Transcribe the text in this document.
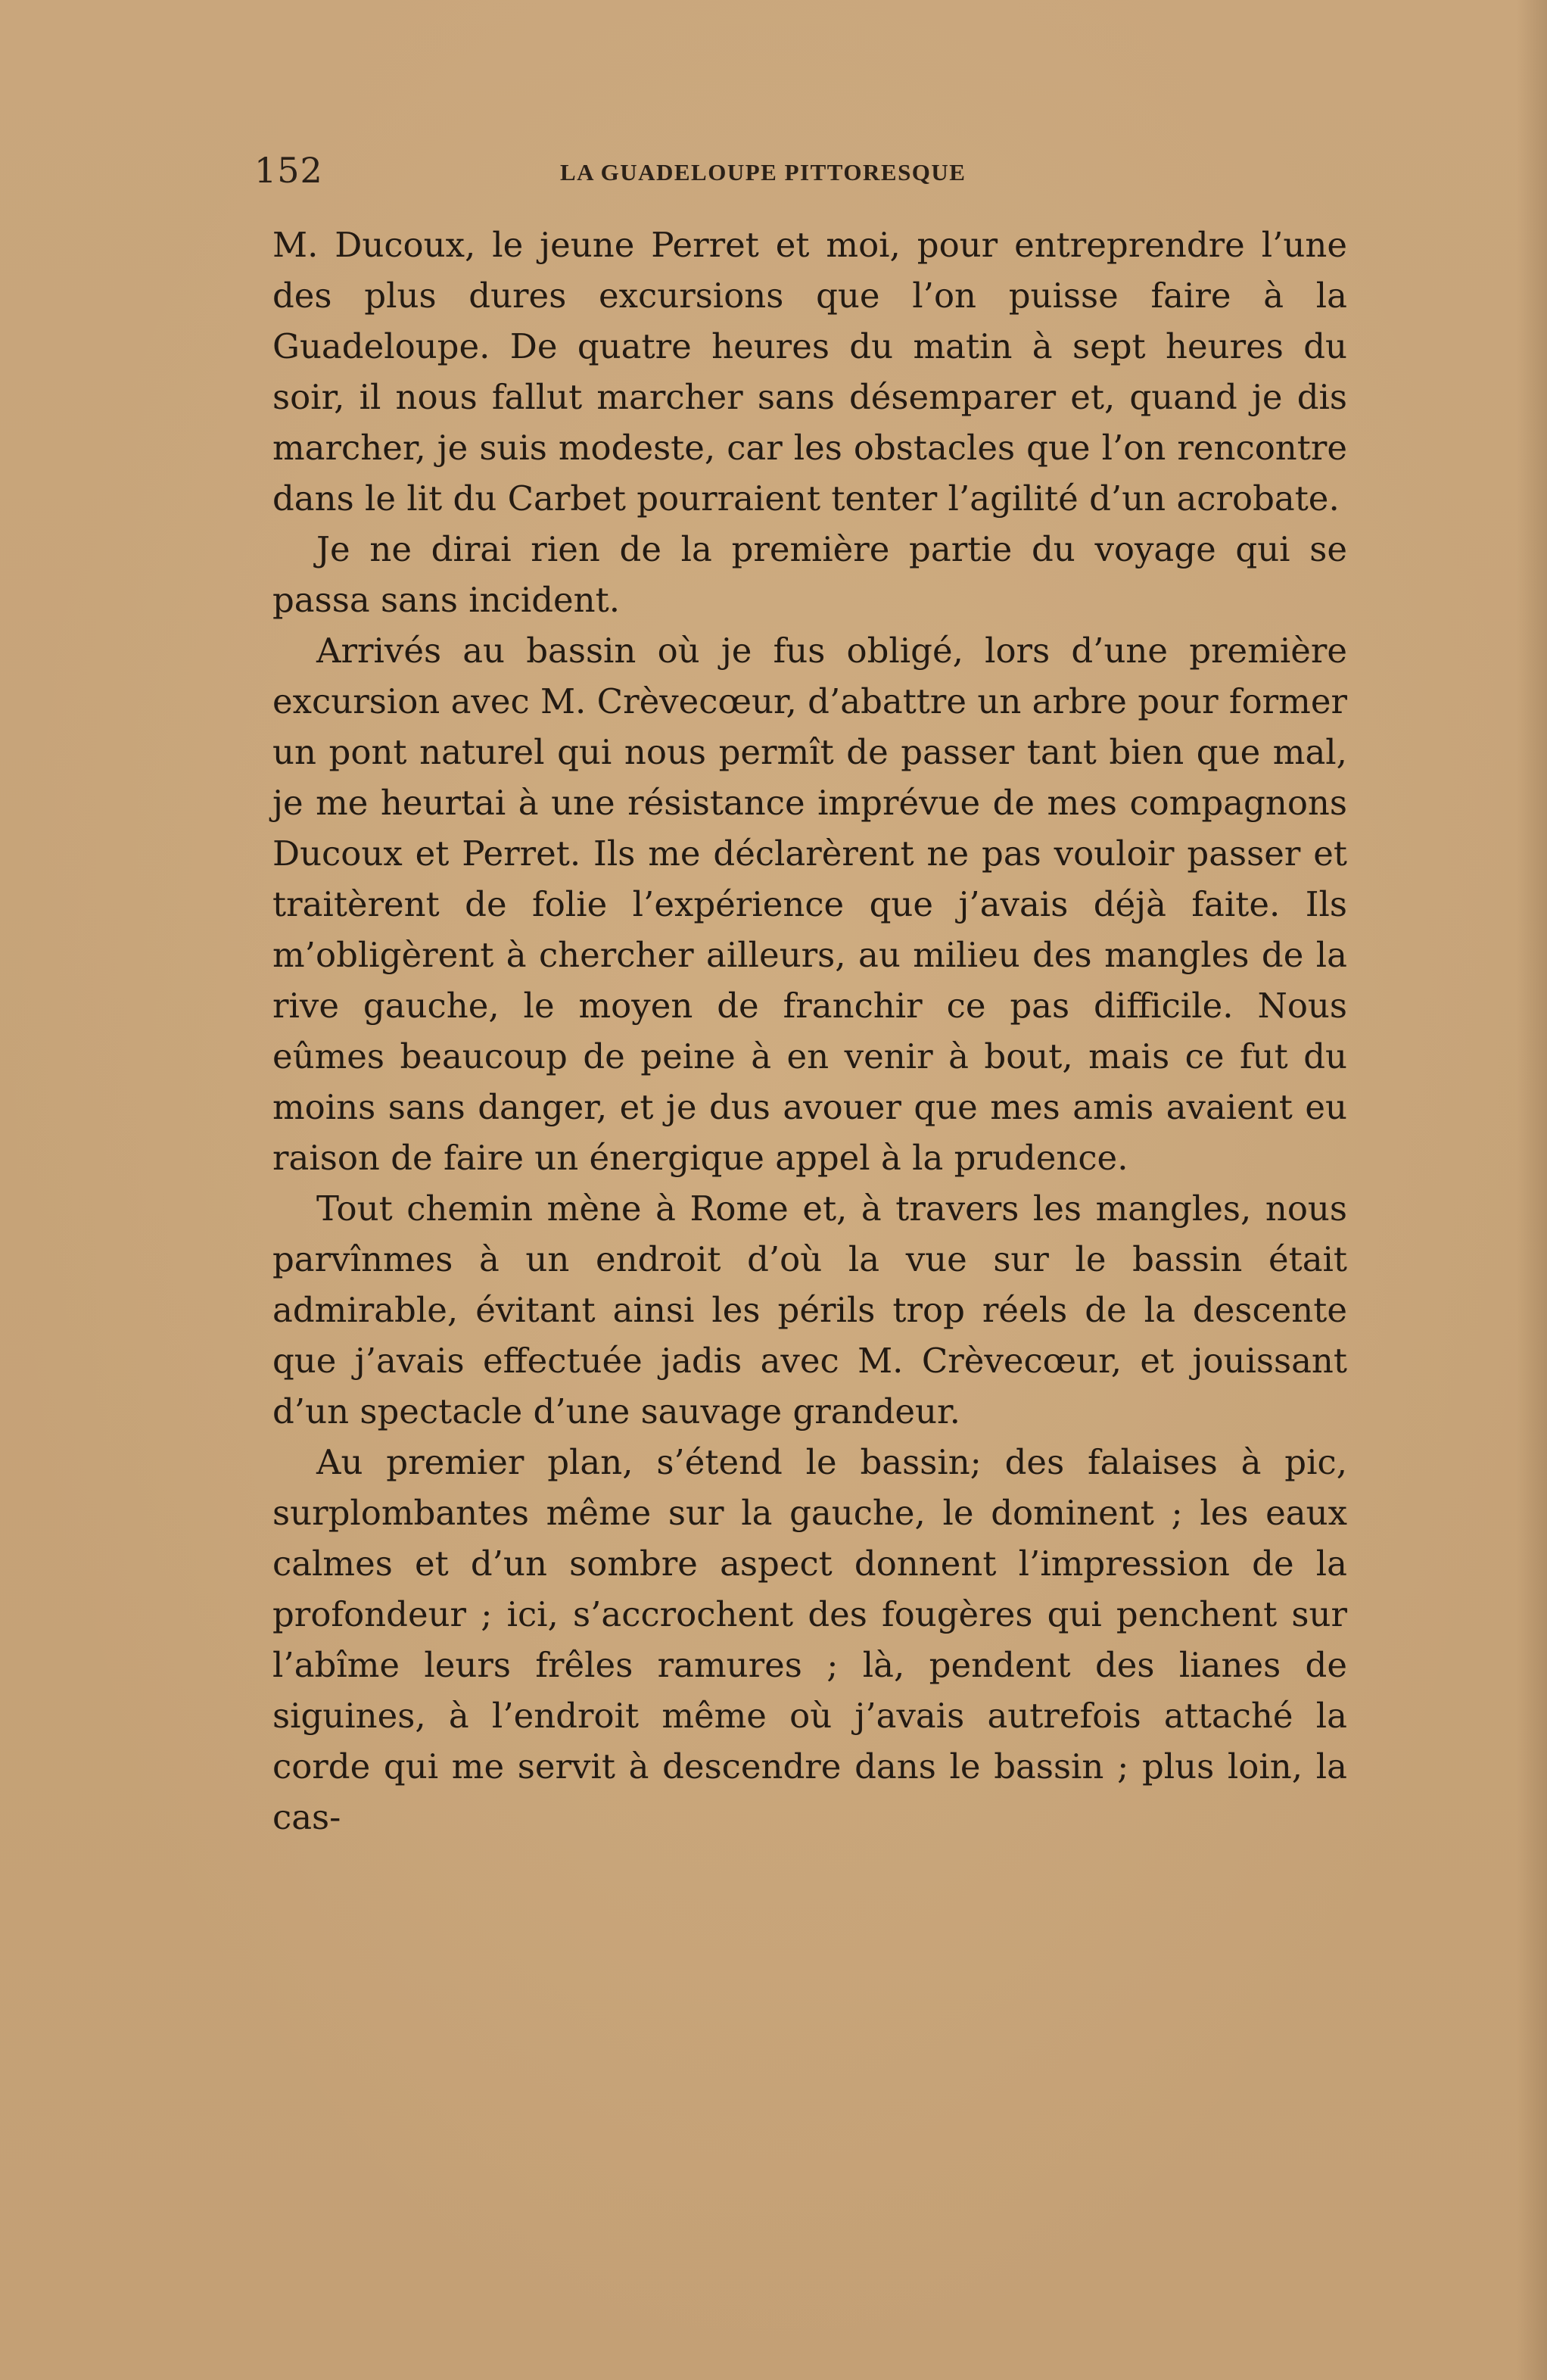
152	LA GUADELOUPE PITTORESQUE

M. Ducoux, le jeune Perret et moi, pour entreprendre l’une des plus dures excursions que l’on puisse faire à la Guadeloupe. De quatre heures du matin à sept heures du soir, il nous fallut marcher sans désemparer et, quand je dis marcher, je suis modeste, car les obstacles que l’on rencontre dans le lit du Carbet pourraient tenter l’agilité d’un acrobate.

Je ne dirai rien de la première partie du voyage qui se passa sans incident.

Arrivés au bassin où je fus obligé, lors d’une première excursion avec M. Crèvecœur, d’abattre un arbre pour former un pont naturel qui nous permît de passer tant bien que mal, je me heurtai à une résistance imprévue de mes compagnons Ducoux et Perret. Ils me déclarèrent ne pas vouloir passer et traitèrent de folie l’expérience que j’avais déjà faite. Ils m’obligèrent à chercher ailleurs, au milieu des mangles de la rive gauche, le moyen de franchir ce pas difficile. Nous eûmes beaucoup de peine à en venir à bout, mais ce fut du moins sans danger, et je dus avouer que mes amis avaient eu raison de faire un énergique appel à la prudence.

Tout chemin mène à Rome et, à travers les mangles, nous parvînmes à un endroit d’où la vue sur le bassin était admirable, évitant ainsi les périls trop réels de la descente que j’avais effectuée jadis avec M. Crèvecœur, et jouissant d’un spectacle d’une sauvage grandeur.

Au premier plan, s’étend le bassin; des falaises à pic, surplombantes même sur la gauche, le dominent ; les eaux calmes et d’un sombre aspect donnent l’impression de la profondeur ; ici, s’accrochent des fougères qui penchent sur l’abîme leurs frêles ramures ; là, pendent des lianes de siguines, à l’endroit même où j’avais autrefois attaché la corde qui me servit à descendre dans le bassin ; plus loin, la cas-
